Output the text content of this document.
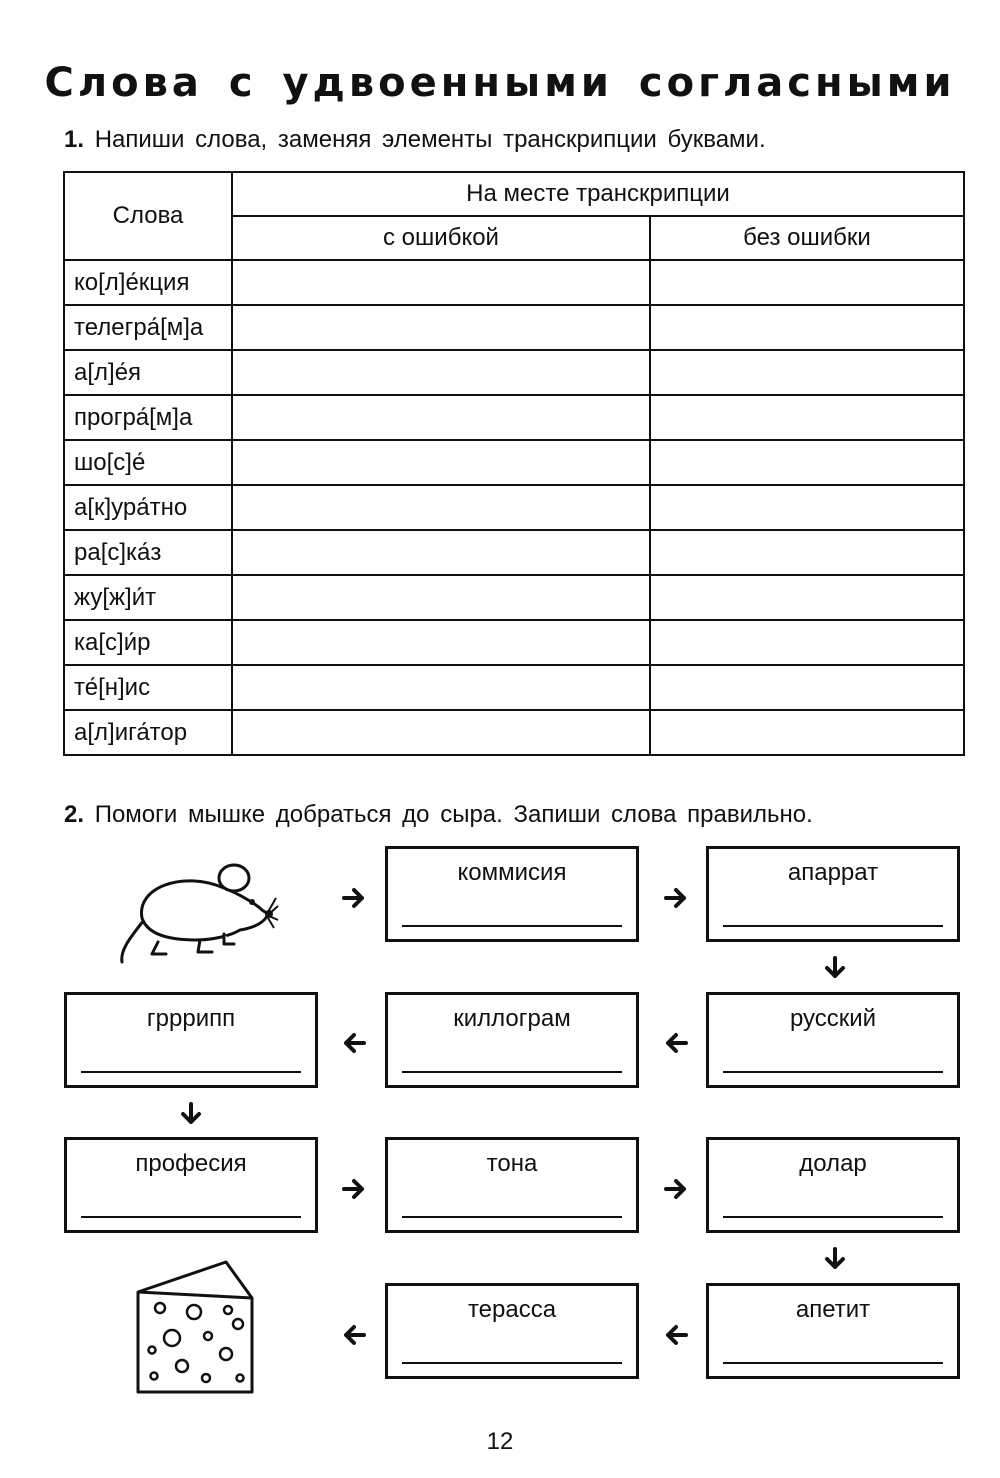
Слова с удвоенными согласными
1. Напиши слова, заменяя элементы транскрипции буквами.
Слова	На месте транскрипции	
	с ошибкой	без ошибки
ко[л]е́кция		
телегра́[м]а		
а[л]е́я		
програ́[м]а		
шо[с]е́		
а[к]ура́тно		
ра[с]ка́з		
жу[ж]и́т		
ка[с]и́р		
те́[н]ис		
а[л]ига́тор		
2. Помоги мышке добраться до сыра. Запиши слова правильно.
коммисия	апаррат
русский
киллограм
грррипп
професия	тона	долар
апетит
терасса
12
